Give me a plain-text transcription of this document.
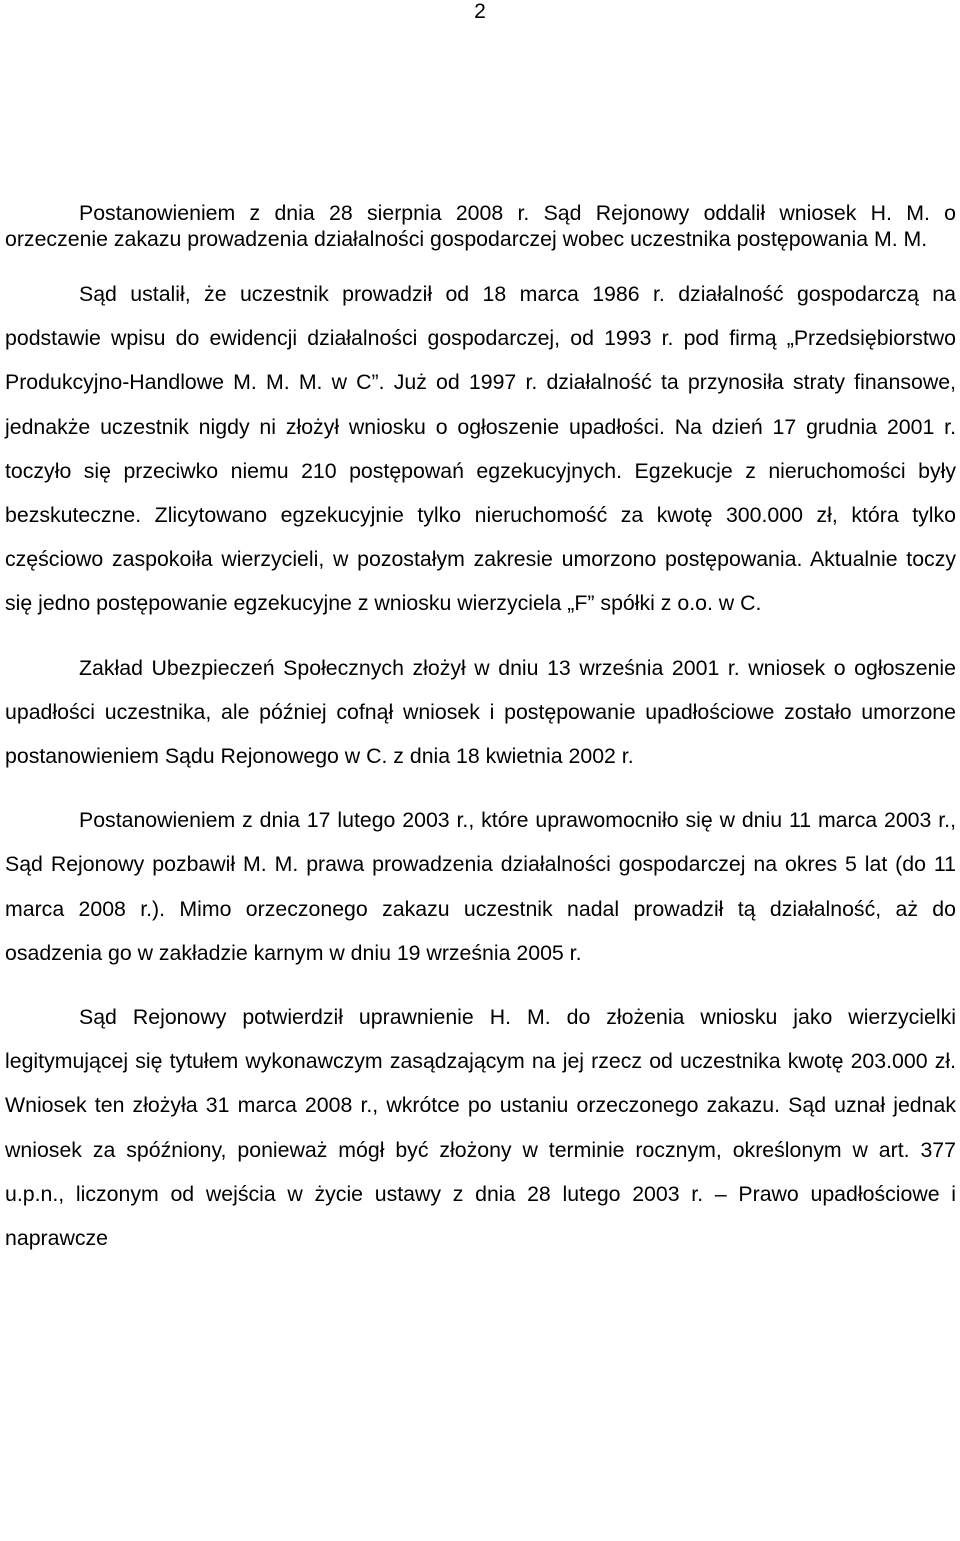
2

Postanowieniem z dnia 28 sierpnia 2008 r. Sąd Rejonowy oddalił wniosek H. M. o orzeczenie zakazu prowadzenia działalności gospodarczej wobec uczestnika postępowania M. M.

Sąd ustalił, że uczestnik prowadził od 18 marca 1986 r. działalność gospodarczą na podstawie wpisu do ewidencji działalności gospodarczej, od 1993 r. pod firmą „Przedsiębiorstwo Produkcyjno-Handlowe M. M. M. w C”. Już od 1997 r. działalność ta przynosiła straty finansowe, jednakże uczestnik nigdy ni złożył wniosku o ogłoszenie upadłości. Na dzień 17 grudnia 2001 r. toczyło się przeciwko niemu 210 postępowań egzekucyjnych. Egzekucje z nieruchomości były bezskuteczne. Zlicytowano egzekucyjnie tylko nieruchomość za kwotę 300.000 zł, która tylko częściowo zaspokoiła wierzycieli, w pozostałym zakresie umorzono postępowania. Aktualnie toczy się jedno postępowanie egzekucyjne z wniosku wierzyciela „F” spółki z o.o. w C.

Zakład Ubezpieczeń Społecznych złożył w dniu 13 września 2001 r. wniosek o ogłoszenie upadłości uczestnika, ale później cofnął wniosek i postępowanie upadłościowe zostało umorzone postanowieniem Sądu Rejonowego w C. z dnia 18 kwietnia 2002 r.

Postanowieniem z dnia 17 lutego 2003 r., które uprawomocniło się w dniu 11 marca 2003 r., Sąd Rejonowy pozbawił M. M. prawa prowadzenia działalności gospodarczej na okres 5 lat (do 11 marca 2008 r.). Mimo orzeczonego zakazu uczestnik nadal prowadził tą działalność, aż do osadzenia go w zakładzie karnym w dniu 19 września 2005 r.

Sąd Rejonowy potwierdził uprawnienie H. M. do złożenia wniosku jako wierzycielki legitymującej się tytułem wykonawczym zasądzającym na jej rzecz od uczestnika kwotę 203.000 zł. Wniosek ten złożyła 31 marca 2008 r., wkrótce po ustaniu orzeczonego zakazu. Sąd uznał jednak wniosek za spóźniony, ponieważ mógł być złożony w terminie rocznym, określonym w art. 377 u.p.n., liczonym od wejścia w życie ustawy z dnia 28 lutego 2003 r. – Prawo upadłościowe i naprawcze
